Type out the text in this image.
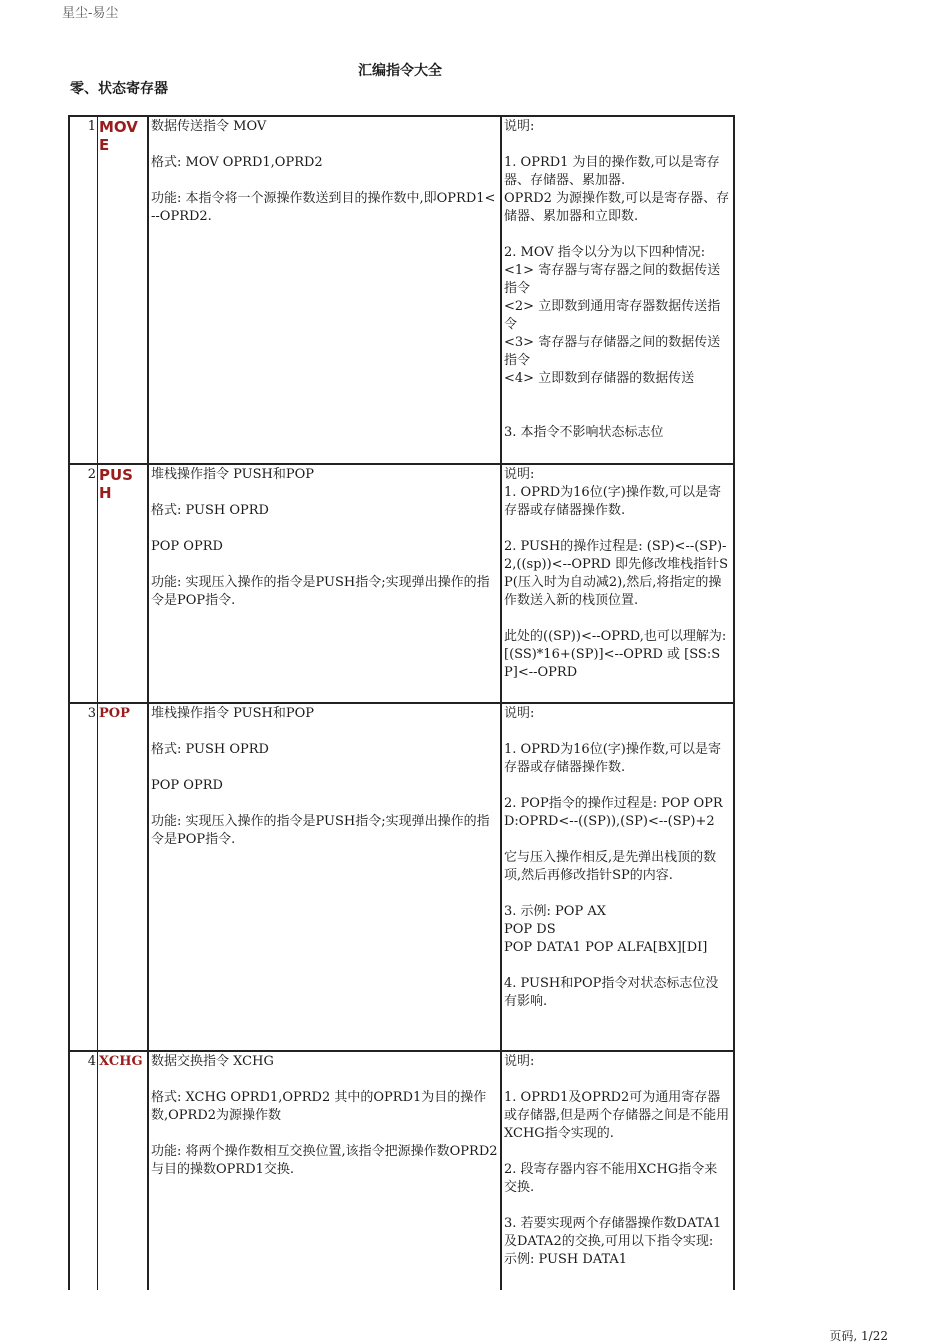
星尘-易尘
汇编指令大全
零、状态寄存器
1 MOVE
数据传送指令 MOV

格式: MOV OPRD1,OPRD2

功能: 本指令将一个源操作数送到目的操作数中,即OPRD1<--OPRD2.
说明:

1. OPRD1 为目的操作数,可以是寄存器、存储器、累加器.
OPRD2 为源操作数,可以是寄存器、存储器、累加器和立即数.

2. MOV 指令以分为以下四种情况:
<1> 寄存器与寄存器之间的数据传送指令
<2> 立即数到通用寄存器数据传送指令
<3> 寄存器与存储器之间的数据传送指令
<4> 立即数到存储器的数据传送

3. 本指令不影响状态标志位
2 PUSH
堆栈操作指令 PUSH和POP

格式: PUSH OPRD

POP OPRD

功能: 实现压入操作的指令是PUSH指令;实现弹出操作的指令是POP指令.
说明:
1. OPRD为16位(字)操作数,可以是寄存器或存储器操作数.

2. PUSH的操作过程是: (SP)<--(SP)-2,((sp))<--OPRD 即先修改堆栈指针SP(压入时为自动减2),然后,将指定的操作数送入新的栈顶位置.

此处的((SP))<--OPRD,也可以理解为: [(SS)*16+(SP)]<--OPRD 或 [SS:SP]<--OPRD
3 POP	堆栈操作指令 PUSH和POP

格式: PUSH OPRD

POP OPRD

功能: 实现压入操作的指令是PUSH指令;实现弹出操作的指令是POP指令.
说明:

1. OPRD为16位(字)操作数,可以是寄存器或存储器操作数.

2. POP指令的操作过程是: POP OPRD:OPRD<--((SP)),(SP)<--(SP)+2

它与压入操作相反,是先弹出栈顶的数项,然后再修改指针SP的内容.

3. 示例: POP AX
POP DS
POP DATA1 POP ALFA[BX][DI]

4. PUSH和POP指令对状态标志位没有影响.
4 XCHG 数据交换指令 XCHG

格式: XCHG OPRD1,OPRD2 其中的OPRD1为目的操作数,OPRD2为源操作数

功能: 将两个操作数相互交换位置,该指令把源操作数OPRD2与目的操数OPRD1交换.
说明:

1. OPRD1及OPRD2可为通用寄存器或存储器,但是两个存储器之间是不能用XCHG指令实现的.

2. 段寄存器内容不能用XCHG指令来交换.

3. 若要实现两个存储器操作数DATA1及DATA2的交换,可用以下指令实现:
示例: PUSH DATA1
页码, 1/22
